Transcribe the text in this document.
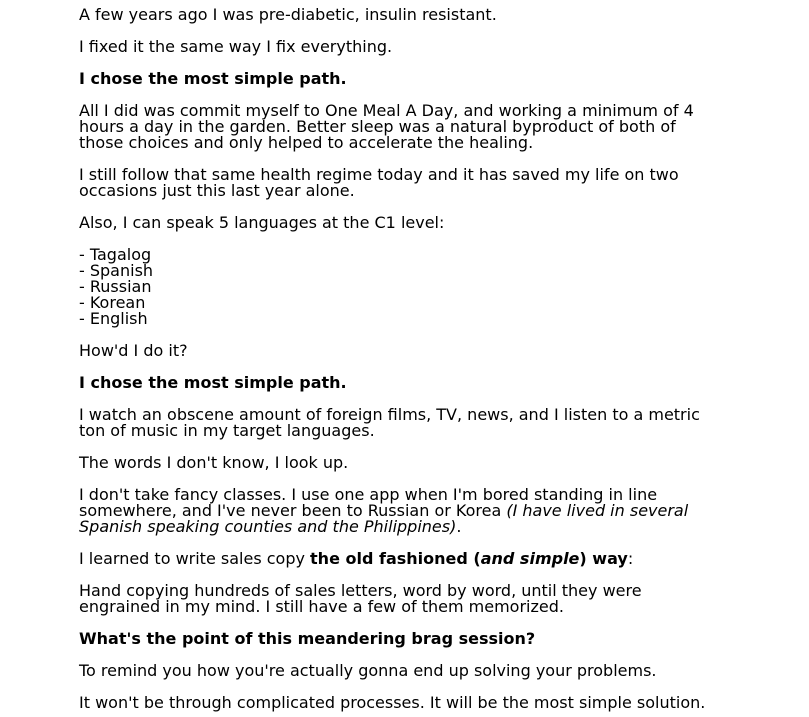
A few years ago I was pre-diabetic, insulin resistant.

I fixed it the same way I fix everything.

I chose the most simple path.

All I did was commit myself to One Meal A Day, and working a minimum of 4 hours a day in the garden. Better sleep was a natural byproduct of both of those choices and only helped to accelerate the healing.

I still follow that same health regime today and it has saved my life on two occasions just this last year alone.

Also, I can speak 5 languages at the C1 level:

- Tagalog

- Spanish

- Russian

- Korean

- English

How'd I do it?

I chose the most simple path.

I watch an obscene amount of foreign films, TV, news, and I listen to a metric ton of music in my target languages.

The words I don't know, I look up.

I don't take fancy classes. I use one app when I'm bored standing in line somewhere, and I've never been to Russian or Korea (I have lived in several Spanish speaking counties and the Philippines).

I learned to write sales copy the old fashioned (and simple) way:

Hand copying hundreds of sales letters, word by word, until they were engrained in my mind. I still have a few of them memorized.

What's the point of this meandering brag session?

To remind you how you're actually gonna end up solving your problems.

It won't be through complicated processes. It will be the most simple solution.
